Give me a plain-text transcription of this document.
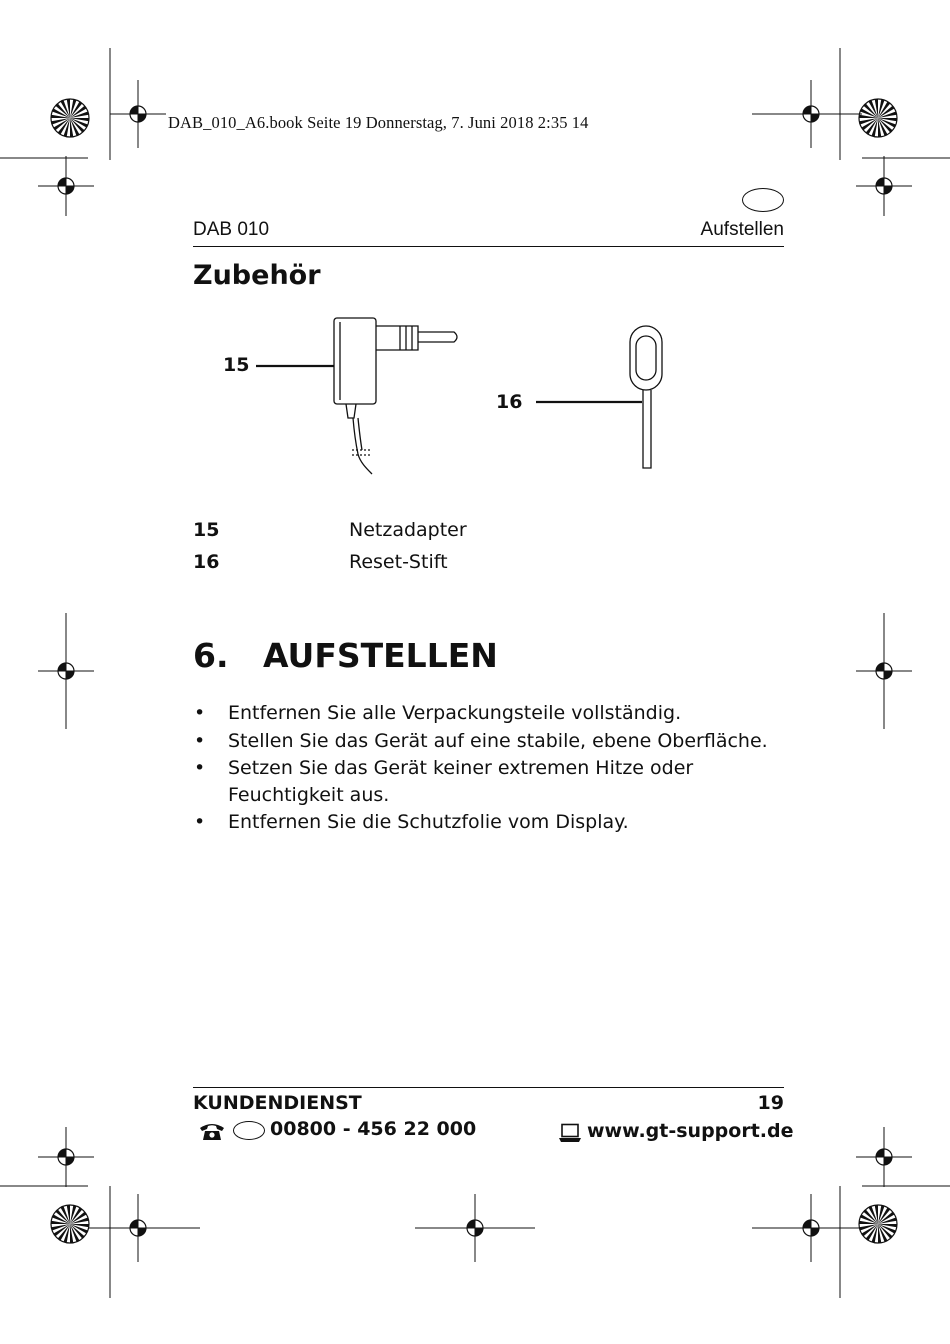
DAB_010_A6.book Seite 19 Donnerstag, 7. Juni 2018 2:35 14
DAB 010	Aufstellen
Zubehör
15
16
15	Netzadapter
16	Reset-Stift
6. AUFSTELLEN
• Entfernen Sie alle Verpackungsteile vollständig.
• Stellen Sie das Gerät auf eine stabile, ebene Oberfläche.
• Setzen Sie das Gerät keiner extremen Hitze oder Feuchtigkeit aus.
• Entfernen Sie die Schutzfolie vom Display.
KUNDENDIENST	19
00800 - 456 22 000	www.gt-support.de
